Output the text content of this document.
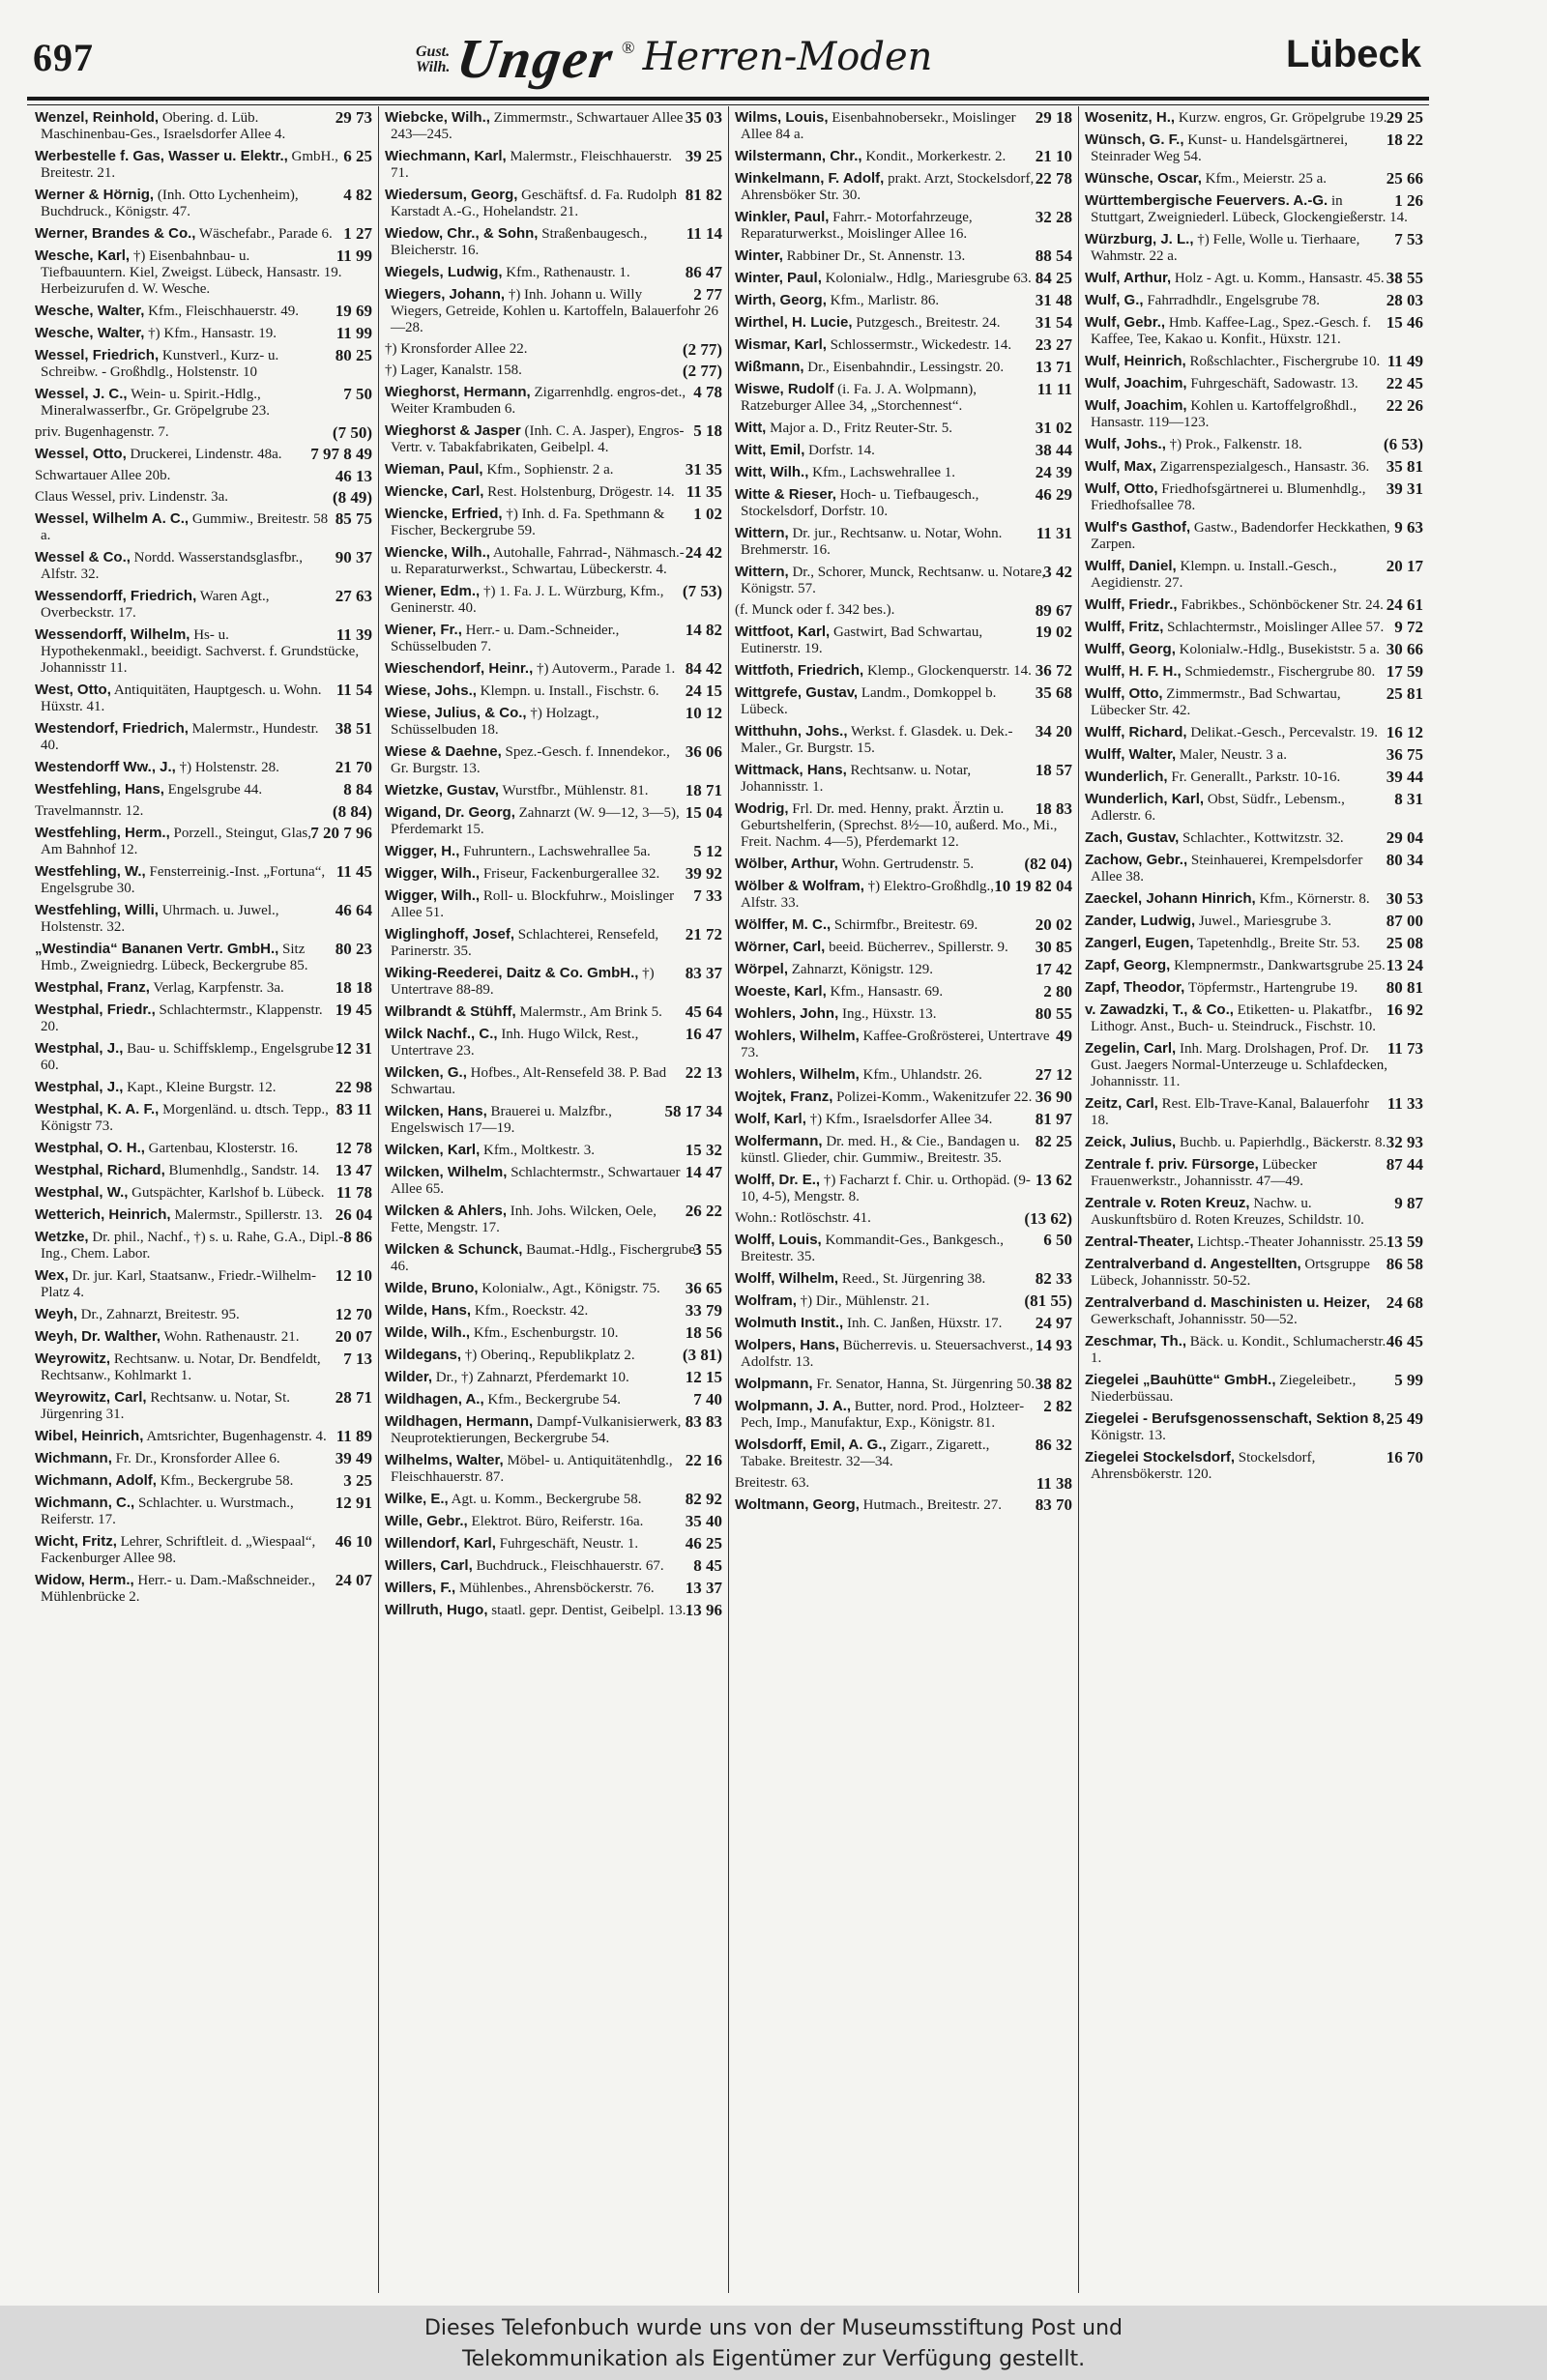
697	Gust.
Wilh. Unger ® Herren-Moden	Lübeck
29 73
Wenzel, Reinhold, Obering. d. Lüb. Maschinenbau-Ges., Israelsdorfer Allee 4.
6 25
Werbestelle f. Gas, Wasser u. Elektr., GmbH., Breitestr. 21.
4 82
Werner & Hörnig, (Inh. Otto Lychenheim), Buchdruck., Königstr. 47.
1 27
Werner, Brandes & Co., Wäschefabr., Parade 6.
11 99
Wesche, Karl, †) Eisenbahnbau- u. Tiefbauuntern. Kiel, Zweigst. Lübeck, Hansastr. 19. Herbeizurufen d. W. Wesche.
19 69
Wesche, Walter, Kfm., Fleischhauerstr. 49.
11 99
Wesche, Walter, †) Kfm., Hansastr. 19.
80 25
Wessel, Friedrich, Kunstverl., Kurz- u. Schreibw. - Großhdlg., Holstenstr. 10
7 50
Wessel, J. C., Wein- u. Spirit.-Hdlg., Mineralwasserfbr., Gr. Gröpelgrube 23.
(7 50)
priv. Bugenhagenstr. 7.
7 97 8 49
Wessel, Otto, Druckerei, Lindenstr. 48a.
46 13
Schwartauer Allee 20b.
(8 49)
Claus Wessel, priv. Lindenstr. 3a.
85 75
Wessel, Wilhelm A. C., Gummiw., Breitestr. 58 a.
90 37
Wessel & Co., Nordd. Wasserstandsglasfbr., Alfstr. 32.
27 63
Wessendorff, Friedrich, Waren Agt., Overbeckstr. 17.
11 39
Wessendorff, Wilhelm, Hs- u. Hypothekenmakl., beeidigt. Sachverst. f. Grundstücke, Johannisstr 11.
11 54
West, Otto, Antiquitäten, Hauptgesch. u. Wohn. Hüxstr. 41.
38 51
Westendorf, Friedrich, Malermstr., Hundestr. 40.
21 70
Westendorff Ww., J., †) Holstenstr. 28.
8 84
Westfehling, Hans, Engelsgrube 44.
(8 84)
Travelmannstr. 12.
7 20 7 96
Westfehling, Herm., Porzell., Steingut, Glas, Am Bahnhof 12.
11 45
Westfehling, W., Fensterreinig.-Inst. „Fortuna“, Engelsgrube 30.
46 64
Westfehling, Willi, Uhrmach. u. Juwel., Holstenstr. 32.
80 23
„Westindia“ Bananen Vertr. GmbH., Sitz Hmb., Zweigniedrg. Lübeck, Beckergrube 85.
18 18
Westphal, Franz, Verlag, Karpfenstr. 3a.
19 45
Westphal, Friedr., Schlachtermstr., Klappenstr. 20.
12 31
Westphal, J., Bau- u. Schiffsklemp., Engelsgrube 60.
22 98
Westphal, J., Kapt., Kleine Burgstr. 12.
83 11
Westphal, K. A. F., Morgenländ. u. dtsch. Tepp., Königstr 73.
12 78
Westphal, O. H., Gartenbau, Klosterstr. 16.
13 47
Westphal, Richard, Blumenhdlg., Sandstr. 14.
11 78
Westphal, W., Gutspächter, Karlshof b. Lübeck.
26 04
Wetterich, Heinrich, Malermstr., Spillerstr. 13.
8 86
Wetzke, Dr. phil., Nachf., †) s. u. Rahe, G.A., Dipl.-Ing., Chem. Labor.
12 10
Wex, Dr. jur. Karl, Staatsanw., Friedr.-Wilhelm-Platz 4.
12 70
Weyh, Dr., Zahnarzt, Breitestr. 95.
20 07
Weyh, Dr. Walther, Wohn. Rathenaustr. 21.
7 13
Weyrowitz, Rechtsanw. u. Notar, Dr. Bendfeldt, Rechtsanw., Kohlmarkt 1.
28 71
Weyrowitz, Carl, Rechtsanw. u. Notar, St. Jürgenring 31.
11 89
Wibel, Heinrich, Amtsrichter, Bugenhagenstr. 4.
39 49
Wichmann, Fr. Dr., Kronsforder Allee 6.
3 25
Wichmann, Adolf, Kfm., Beckergrube 58.
12 91
Wichmann, C., Schlachter. u. Wurstmach., Reiferstr. 17.
46 10
Wicht, Fritz, Lehrer, Schriftleit. d. „Wiespaal“, Fackenburger Allee 98.
24 07
Widow, Herm., Herr.- u. Dam.-Maßschneider., Mühlenbrücke 2.
35 03
Wiebcke, Wilh., Zimmermstr., Schwartauer Allee 243—245.
39 25
Wiechmann, Karl, Malermstr., Fleischhauerstr. 71.
81 82
Wiedersum, Georg, Geschäftsf. d. Fa. Rudolph Karstadt A.-G., Hohelandstr. 21.
11 14
Wiedow, Chr., & Sohn, Straßenbaugesch., Bleicherstr. 16.
86 47
Wiegels, Ludwig, Kfm., Rathenaustr. 1.
2 77
Wiegers, Johann, †) Inh. Johann u. Willy Wiegers, Getreide, Kohlen u. Kartoffeln, Balauerfohr 26—28.
(2 77)
†) Kronsforder Allee 22.
(2 77)
†) Lager, Kanalstr. 158.
4 78
Wieghorst, Hermann, Zigarrenhdlg. engros-det., Weiter Krambuden 6.
5 18
Wieghorst & Jasper (Inh. C. A. Jasper), Engros-Vertr. v. Tabakfabrikaten, Geibelpl. 4.
31 35
Wieman, Paul, Kfm., Sophienstr. 2 a.
11 35
Wiencke, Carl, Rest. Holstenburg, Drögestr. 14.
1 02
Wiencke, Erfried, †) Inh. d. Fa. Spethmann & Fischer, Beckergrube 59.
24 42
Wiencke, Wilh., Autohalle, Fahrrad-, Nähmasch.- u. Reparaturwerkst., Schwartau, Lübeckerstr. 4.
(7 53)
Wiener, Edm., †) 1. Fa. J. L. Würzburg, Kfm., Geninerstr. 40.
14 82
Wiener, Fr., Herr.- u. Dam.-Schneider., Schüsselbuden 7.
84 42
Wieschendorf, Heinr., †) Autoverm., Parade 1.
24 15
Wiese, Johs., Klempn. u. Install., Fischstr. 6.
10 12
Wiese, Julius, & Co., †) Holzagt., Schüsselbuden 18.
36 06
Wiese & Daehne, Spez.-Gesch. f. Innendekor., Gr. Burgstr. 13.
18 71
Wietzke, Gustav, Wurstfbr., Mühlenstr. 81.
15 04
Wigand, Dr. Georg, Zahnarzt (W. 9—12, 3—5), Pferdemarkt 15.
5 12
Wigger, H., Fuhruntern., Lachswehrallee 5a.
39 92
Wigger, Wilh., Friseur, Fackenburgerallee 32.
7 33
Wigger, Wilh., Roll- u. Blockfuhrw., Moislinger Allee 51.
21 72
Wiglinghoff, Josef, Schlachterei, Rensefeld, Parinerstr. 35.
83 37
Wiking-Reederei, Daitz & Co. GmbH., †) Untertrave 88-89.
45 64
Wilbrandt & Stühff, Malermstr., Am Brink 5.
16 47
Wilck Nachf., C., Inh. Hugo Wilck, Rest., Untertrave 23.
22 13
Wilcken, G., Hofbes., Alt-Rensefeld 38. P. Bad Schwartau.
58 17 34
Wilcken, Hans, Brauerei u. Malzfbr., Engelswisch 17—19.
15 32
Wilcken, Karl, Kfm., Moltkestr. 3.
14 47
Wilcken, Wilhelm, Schlachtermstr., Schwartauer Allee 65.
26 22
Wilcken & Ahlers, Inh. Johs. Wilcken, Oele, Fette, Mengstr. 17.
3 55
Wilcken & Schunck, Baumat.-Hdlg., Fischergrube 46.
36 65
Wilde, Bruno, Kolonialw., Agt., Königstr. 75.
33 79
Wilde, Hans, Kfm., Roeckstr. 42.
18 56
Wilde, Wilh., Kfm., Eschenburgstr. 10.
(3 81)
Wildegans, †) Oberinq., Republikplatz 2.
12 15
Wilder, Dr., †) Zahnarzt, Pferdemarkt 10.
7 40
Wildhagen, A., Kfm., Beckergrube 54.
83 83
Wildhagen, Hermann, Dampf-Vulkanisierwerk, Neuprotektierungen, Beckergrube 54.
22 16
Wilhelms, Walter, Möbel- u. Antiquitätenhdlg., Fleischhauerstr. 87.
82 92
Wilke, E., Agt. u. Komm., Beckergrube 58.
35 40
Wille, Gebr., Elektrot. Büro, Reiferstr. 16a.
46 25
Willendorf, Karl, Fuhrgeschäft, Neustr. 1.
8 45
Willers, Carl, Buchdruck., Fleischhauerstr. 67.
13 37
Willers, F., Mühlenbes., Ahrensböckerstr. 76.
13 96
Willruth, Hugo, staatl. gepr. Dentist, Geibelpl. 13.
29 18
Wilms, Louis, Eisenbahnobersekr., Moislinger Allee 84 a.
21 10
Wilstermann, Chr., Kondit., Morkerkestr. 2.
22 78
Winkelmann, F. Adolf, prakt. Arzt, Stockelsdorf, Ahrensböker Str. 30.
32 28
Winkler, Paul, Fahrr.- Motorfahrzeuge, Reparaturwerkst., Moislinger Allee 16.
88 54
Winter, Rabbiner Dr., St. Annenstr. 13.
84 25
Winter, Paul, Kolonialw., Hdlg., Mariesgrube 63.
31 48
Wirth, Georg, Kfm., Marlistr. 86.
31 54
Wirthel, H. Lucie, Putzgesch., Breitestr. 24.
23 27
Wismar, Karl, Schlossermstr., Wickedestr. 14.
13 71
Wißmann, Dr., Eisenbahndir., Lessingstr. 20.
11 11
Wiswe, Rudolf (i. Fa. J. A. Wolpmann), Ratzeburger Allee 34, „Storchennest“.
31 02
Witt, Major a. D., Fritz Reuter-Str. 5.
38 44
Witt, Emil, Dorfstr. 14.
24 39
Witt, Wilh., Kfm., Lachswehrallee 1.
46 29
Witte & Rieser, Hoch- u. Tiefbaugesch., Stockelsdorf, Dorfstr. 10.
11 31
Wittern, Dr. jur., Rechtsanw. u. Notar, Wohn. Brehmerstr. 16.
3 42
Wittern, Dr., Schorer, Munck, Rechtsanw. u. Notare, Königstr. 57.
89 67
(f. Munck oder f. 342 bes.).
19 02
Wittfoot, Karl, Gastwirt, Bad Schwartau, Eutinerstr. 19.
36 72
Wittfoth, Friedrich, Klemp., Glockenquerstr. 14.
35 68
Wittgrefe, Gustav, Landm., Domkoppel b. Lübeck.
34 20
Witthuhn, Johs., Werkst. f. Glasdek. u. Dek.-Maler., Gr. Burgstr. 15.
18 57
Wittmack, Hans, Rechtsanw. u. Notar, Johannisstr. 1.
18 83
Wodrig, Frl. Dr. med. Henny, prakt. Ärztin u. Geburtshelferin, (Sprechst. 8½—10, außerd. Mo., Mi., Freit. Nachm. 4—5), Pferdemarkt 12.
(82 04)
Wölber, Arthur, Wohn. Gertrudenstr. 5.
10 19 82 04
Wölber & Wolfram, †) Elektro-Großhdlg., Alfstr. 33.
20 02
Wölffer, M. C., Schirmfbr., Breitestr. 69.
30 85
Wörner, Carl, beeid. Bücherrev., Spillerstr. 9.
17 42
Wörpel, Zahnarzt, Königstr. 129.
2 80
Woeste, Karl, Kfm., Hansastr. 69.
80 55
Wohlers, John, Ing., Hüxstr. 13.
49
Wohlers, Wilhelm, Kaffee-Großrösterei, Untertrave 73.
27 12
Wohlers, Wilhelm, Kfm., Uhlandstr. 26.
36 90
Wojtek, Franz, Polizei-Komm., Wakenitzufer 22.
81 97
Wolf, Karl, †) Kfm., Israelsdorfer Allee 34.
82 25
Wolfermann, Dr. med. H., & Cie., Bandagen u. künstl. Glieder, chir. Gummiw., Breitestr. 35.
13 62
Wolff, Dr. E., †) Facharzt f. Chir. u. Orthopäd. (9-10, 4-5), Mengstr. 8.
(13 62)
Wohn.: Rotlöschstr. 41.
6 50
Wolff, Louis, Kommandit-Ges., Bankgesch., Breitestr. 35.
82 33
Wolff, Wilhelm, Reed., St. Jürgenring 38.
(81 55)
Wolfram, †) Dir., Mühlenstr. 21.
24 97
Wolmuth Instit., Inh. C. Janßen, Hüxstr. 17.
14 93
Wolpers, Hans, Bücherrevis. u. Steuersachverst., Adolfstr. 13.
38 82
Wolpmann, Fr. Senator, Hanna, St. Jürgenring 50.
2 82
Wolpmann, J. A., Butter, nord. Prod., Holzteer-Pech, Imp., Manufaktur, Exp., Königstr. 81.
86 32
Wolsdorff, Emil, A. G., Zigarr., Zigarett., Tabake. Breitestr. 32—34.
11 38
Breitestr. 63.
83 70
Woltmann, Georg, Hutmach., Breitestr. 27.
29 25
Wosenitz, H., Kurzw. engros, Gr. Gröpelgrube 19.
18 22
Wünsch, G. F., Kunst- u. Handelsgärtnerei, Steinrader Weg 54.
25 66
Wünsche, Oscar, Kfm., Meierstr. 25 a.
1 26
Württembergische Feuervers. A.-G. in Stuttgart, Zweigniederl. Lübeck, Glockengießerstr. 14.
7 53
Würzburg, J. L., †) Felle, Wolle u. Tierhaare, Wahmstr. 22 a.
38 55
Wulf, Arthur, Holz - Agt. u. Komm., Hansastr. 45.
28 03
Wulf, G., Fahrradhdlr., Engelsgrube 78.
15 46
Wulf, Gebr., Hmb. Kaffee-Lag., Spez.-Gesch. f. Kaffee, Tee, Kakao u. Konfit., Hüxstr. 121.
11 49
Wulf, Heinrich, Roßschlachter., Fischergrube 10.
22 45
Wulf, Joachim, Fuhrgeschäft, Sadowastr. 13.
22 26
Wulf, Joachim, Kohlen u. Kartoffelgroßhdl., Hansastr. 119—123.
(6 53)
Wulf, Johs., †) Prok., Falkenstr. 18.
35 81
Wulf, Max, Zigarrenspezialgesch., Hansastr. 36.
39 31
Wulf, Otto, Friedhofsgärtnerei u. Blumenhdlg., Friedhofsallee 78.
9 63
Wulf's Gasthof, Gastw., Badendorfer Heckkathen, Zarpen.
20 17
Wulff, Daniel, Klempn. u. Install.-Gesch., Aegidienstr. 27.
24 61
Wulff, Friedr., Fabrikbes., Schönböckener Str. 24.
9 72
Wulff, Fritz, Schlachtermstr., Moislinger Allee 57.
30 66
Wulff, Georg, Kolonialw.-Hdlg., Busekiststr. 5 a.
17 59
Wulff, H. F. H., Schmiedemstr., Fischergrube 80.
25 81
Wulff, Otto, Zimmermstr., Bad Schwartau, Lübecker Str. 42.
16 12
Wulff, Richard, Delikat.-Gesch., Percevalstr. 19.
36 75
Wulff, Walter, Maler, Neustr. 3 a.
39 44
Wunderlich, Fr. Generallt., Parkstr. 10-16.
8 31
Wunderlich, Karl, Obst, Südfr., Lebensm., Adlerstr. 6.
29 04
Zach, Gustav, Schlachter., Kottwitzstr. 32.
80 34
Zachow, Gebr., Steinhauerei, Krempelsdorfer Allee 38.
30 53
Zaeckel, Johann Hinrich, Kfm., Körnerstr. 8.
87 00
Zander, Ludwig, Juwel., Mariesgrube 3.
25 08
Zangerl, Eugen, Tapetenhdlg., Breite Str. 53.
13 24
Zapf, Georg, Klempnermstr., Dankwartsgrube 25.
80 81
Zapf, Theodor, Töpfermstr., Hartengrube 19.
16 92
v. Zawadzki, T., & Co., Etiketten- u. Plakatfbr., Lithogr. Anst., Buch- u. Steindruck., Fischstr. 10.
11 73
Zegelin, Carl, Inh. Marg. Drolshagen, Prof. Dr. Gust. Jaegers Normal-Unterzeuge u. Schlafdecken, Johannisstr. 11.
11 33
Zeitz, Carl, Rest. Elb-Trave-Kanal, Balauerfohr 18.
32 93
Zeick, Julius, Buchb. u. Papierhdlg., Bäckerstr. 8.
87 44
Zentrale f. priv. Fürsorge, Lübecker Frauenwerkstr., Johannisstr. 47—49.
9 87
Zentrale v. Roten Kreuz, Nachw. u. Auskunftsbüro d. Roten Kreuzes, Schildstr. 10.
13 59
Zentral-Theater, Lichtsp.-Theater Johannisstr. 25.
86 58
Zentralverband d. Angestellten, Ortsgruppe Lübeck, Johannisstr. 50-52.
24 68
Zentralverband d. Maschinisten u. Heizer, Gewerkschaft, Johannisstr. 50—52.
46 45
Zeschmar, Th., Bäck. u. Kondit., Schlumacherstr. 1.
5 99
Ziegelei „Bauhütte“ GmbH., Ziegeleibetr., Niederbüssau.
25 49
Ziegelei - Berufsgenossenschaft, Sektion 8, Königstr. 13.
16 70
Ziegelei Stockelsdorf, Stockelsdorf, Ahrensbökerstr. 120.
Dieses Telefonbuch wurde uns von der Museumsstiftung Post und
Telekommunikation als Eigentümer zur Verfügung gestellt.
